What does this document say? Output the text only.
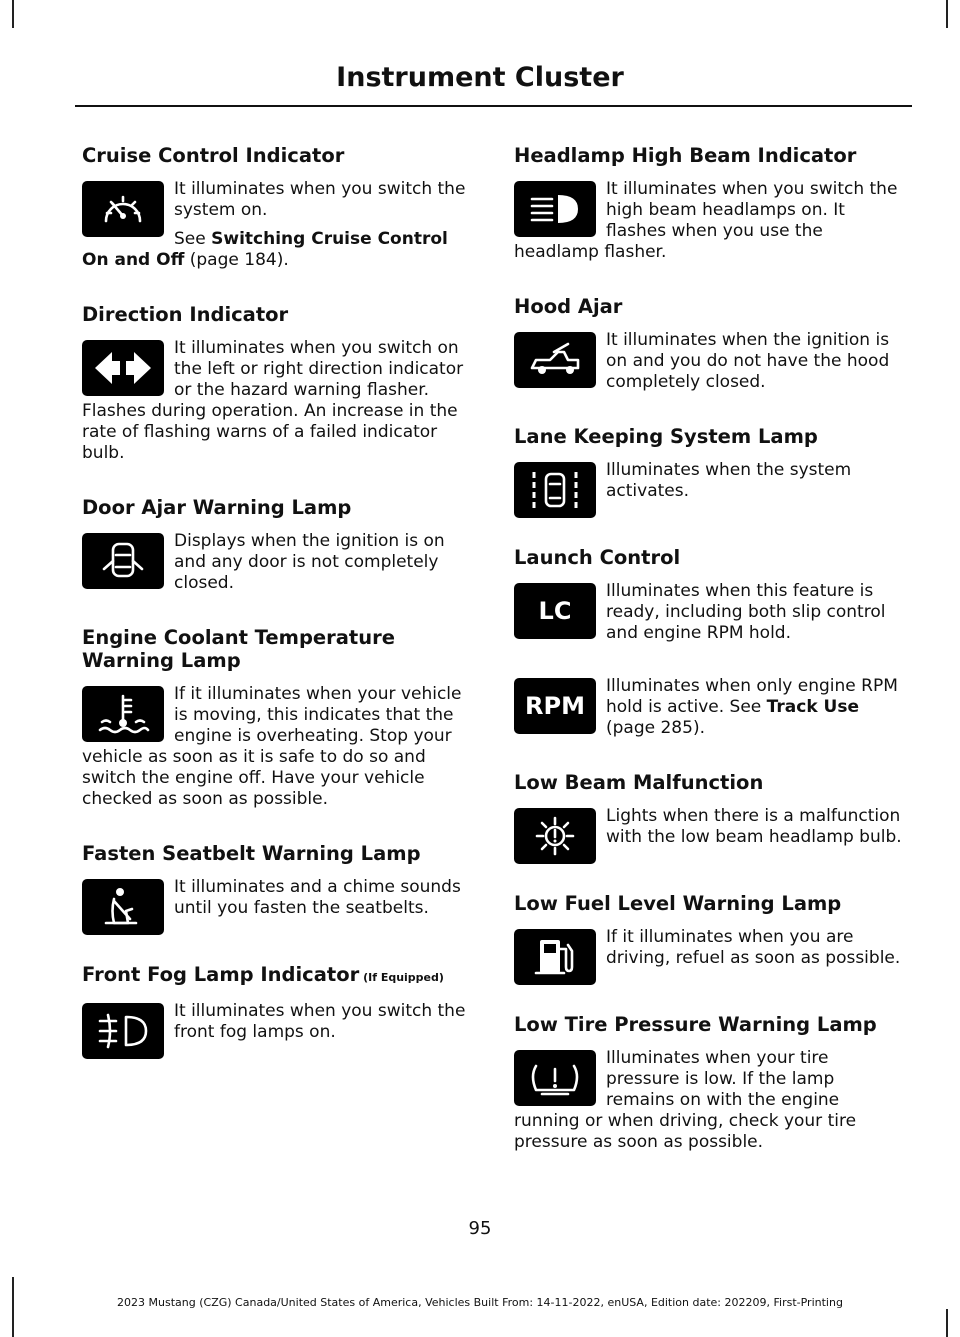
Instrument Cluster
Cruise Control Indicator

It illuminates when you switch the system on.

See Switching Cruise Control On and Off (page 184).

Direction Indicator

It illuminates when you switch on the left or right direction indicator or the hazard warning flasher. Flashes during operation. An increase in the rate of flashing warns of a failed indicator bulb.

Door Ajar Warning Lamp

Displays when the ignition is on and any door is not completely closed.

Engine Coolant Temperature Warning Lamp

If it illuminates when your vehicle is moving, this indicates that the engine is overheating. Stop your vehicle as soon as it is safe to do so and switch the engine off. Have your vehicle checked as soon as possible.

Fasten Seatbelt Warning Lamp

It illuminates and a chime sounds until you fasten the seatbelts.

Front Fog Lamp Indicator (If Equipped)

It illuminates when you switch the front fog lamps on.

Headlamp High Beam Indicator

It illuminates when you switch the high beam headlamps on. It flashes when you use the headlamp flasher.

Hood Ajar

It illuminates when the ignition is on and you do not have the hood completely closed.

Lane Keeping System Lamp

Illuminates when the system activates.

Launch Control
LC

Illuminates when this feature is ready, including both slip control and engine RPM hold.

RPM

Illuminates when only engine RPM hold is active. See Track Use (page 285).

Low Beam Malfunction

Lights when there is a malfunction with the low beam headlamp bulb.

Low Fuel Level Warning Lamp

If it illuminates when you are driving, refuel as soon as possible.

Low Tire Pressure Warning Lamp

Illuminates when your tire pressure is low. If the lamp remains on with the engine running or when driving, check your tire pressure as soon as possible.

95

2023 Mustang (CZG) Canada/United States of America, Vehicles Built From: 14-11-2022, enUSA, Edition date: 202209, First-Printing
